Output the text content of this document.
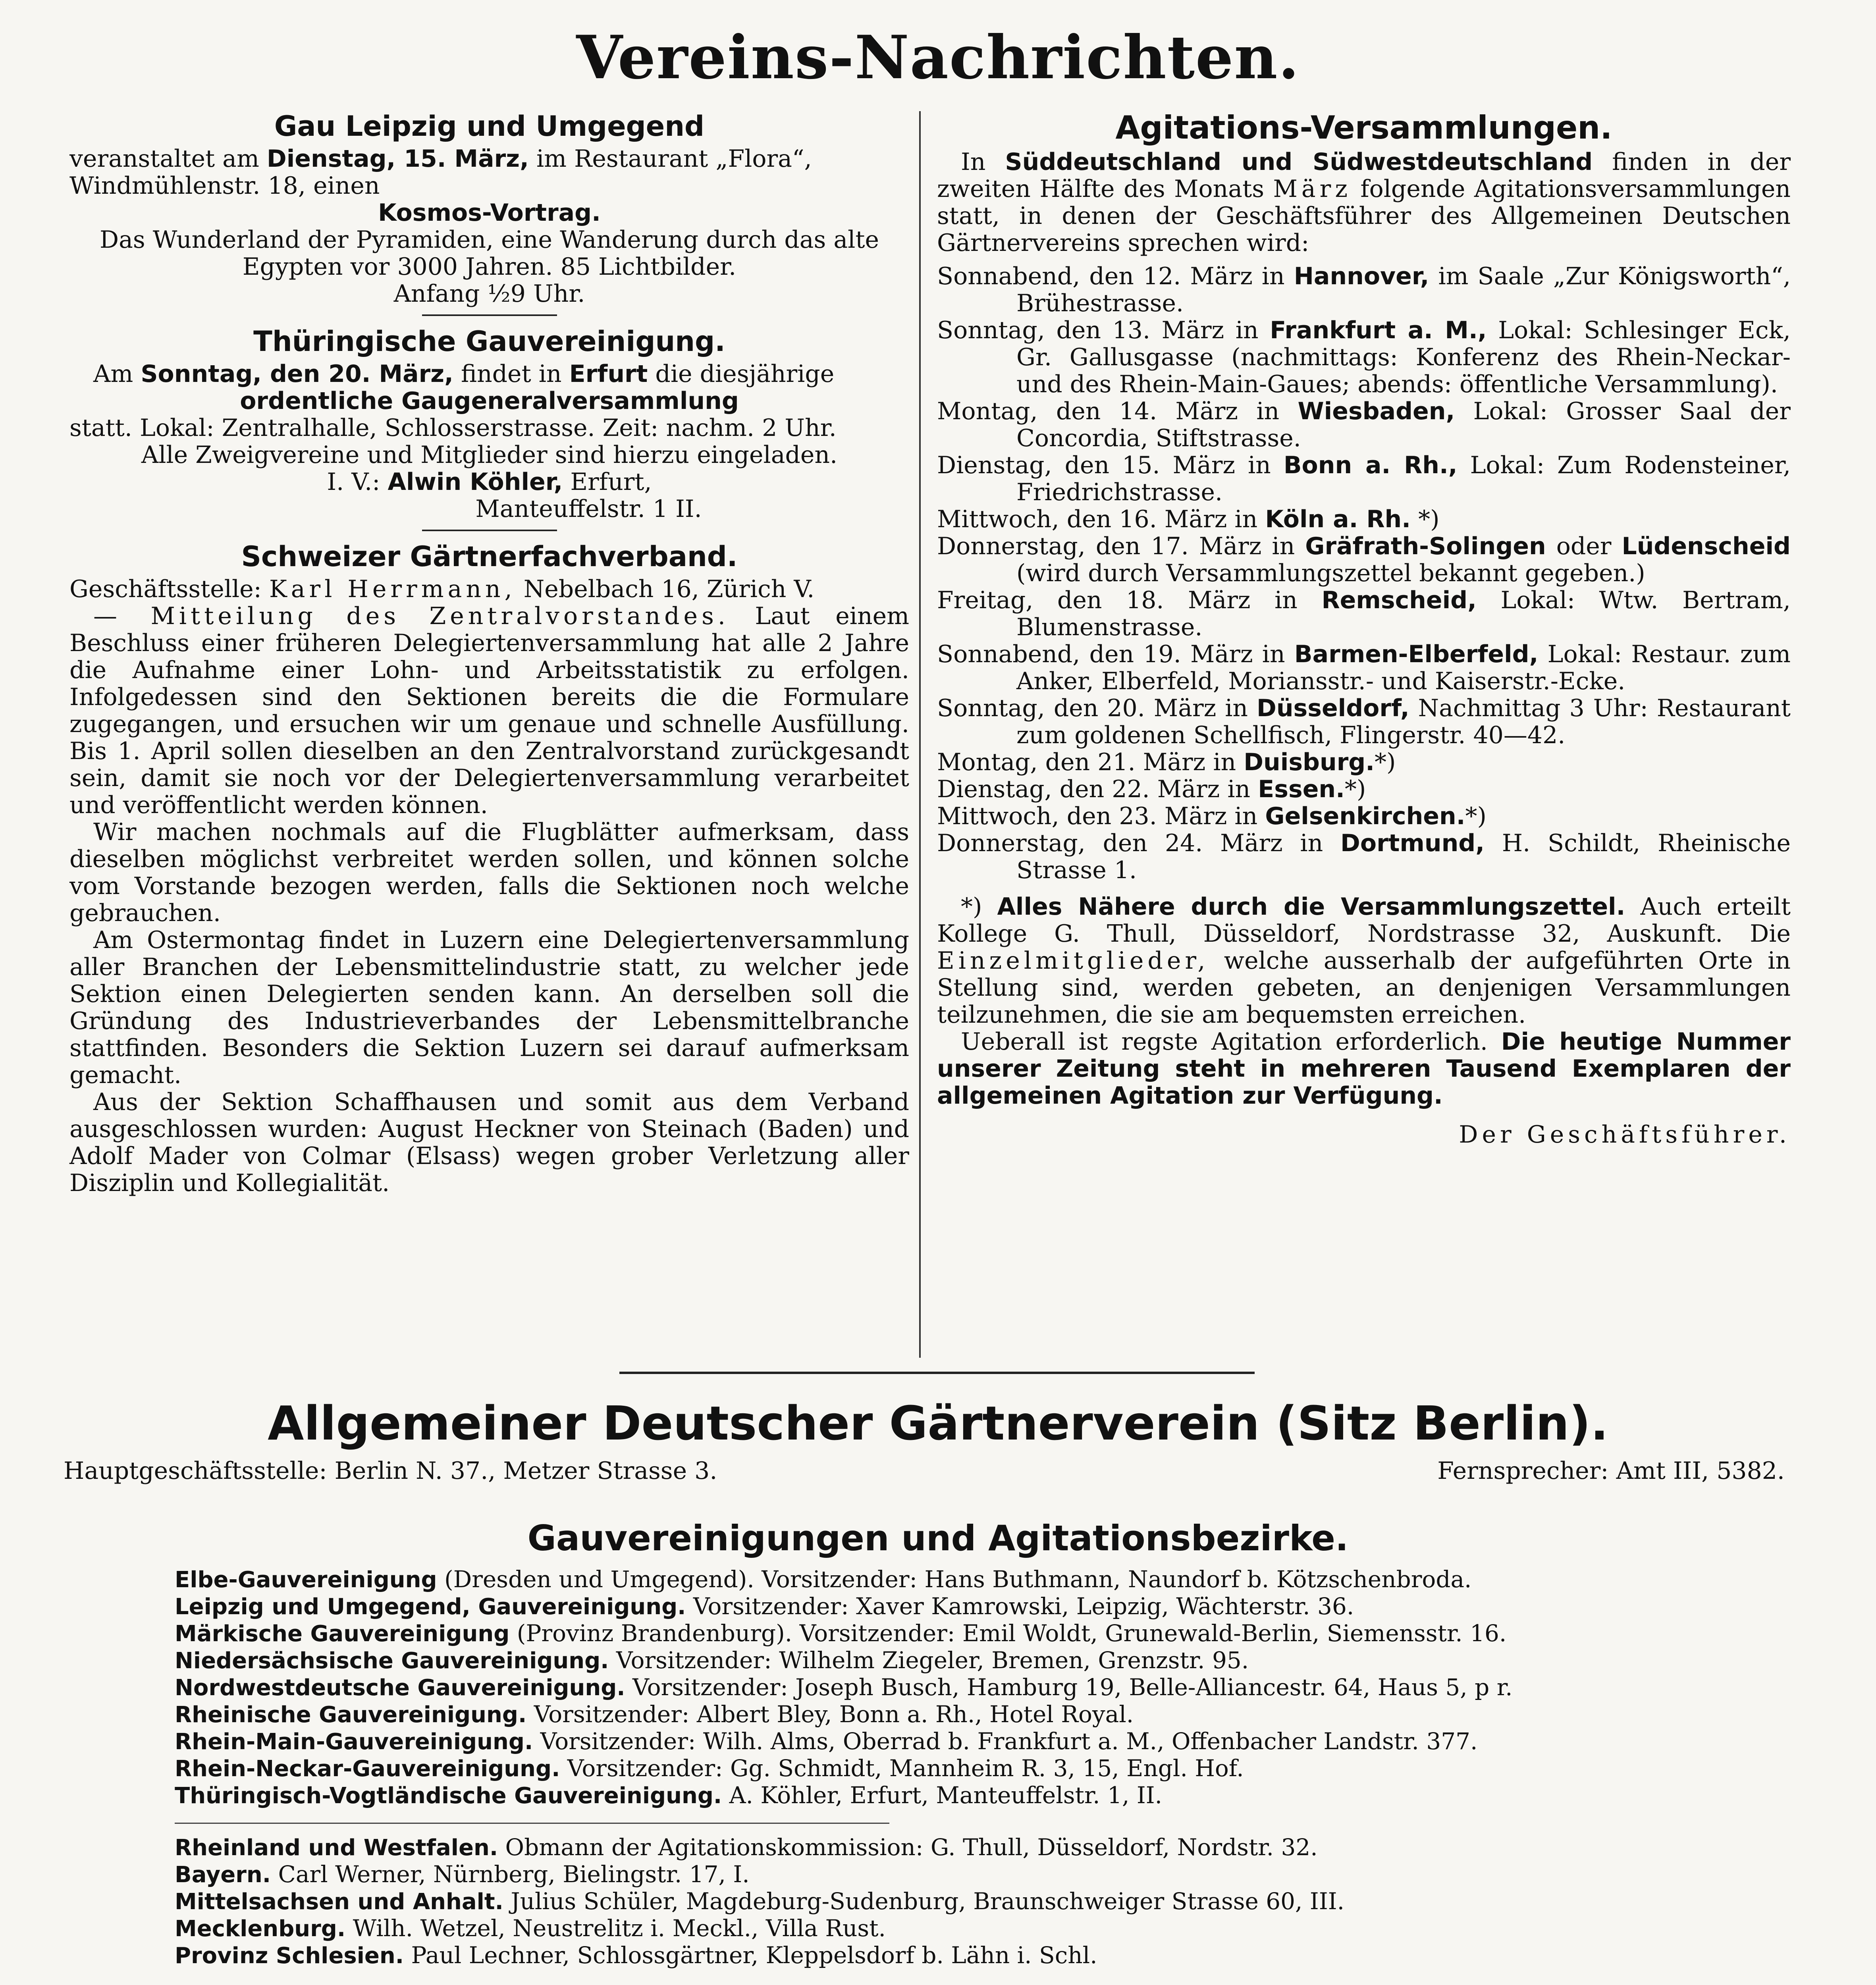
Vereins-Nachrichten.

Gau Leipzig und Umgegend

veranstaltet am Dienstag, 15. März, im Restaurant „Flora“,

Windmühlenstr. 18, einen

Kosmos-Vortrag.

Das Wunderland der Pyramiden, eine Wanderung durch das alte Egypten vor 3000 Jahren. 85 Lichtbilder.

Anfang ½9 Uhr.

Thüringische Gauvereinigung.

Am Sonntag, den 20. März, findet in Erfurt die diesjährige

ordentliche Gaugeneralversammlung

statt. Lokal: Zentralhalle, Schlosserstrasse. Zeit: nachm. 2 Uhr.

Alle Zweigvereine und Mitglieder sind hierzu eingeladen.

I. V.: Alwin Köhler, Erfurt,

Manteuffelstr. 1 II.

Schweizer Gärtnerfachverband.

Geschäftsstelle: Karl Herrmann, Nebelbach 16, Zürich V.

— Mitteilung des Zentralvorstandes. Laut einem Beschluss einer früheren Delegiertenversammlung hat alle 2 Jahre die Aufnahme einer Lohn- und Arbeitsstatistik zu erfolgen. Infolgedessen sind den Sektionen bereits die die Formulare zugegangen, und ersuchen wir um genaue und schnelle Ausfüllung. Bis 1. April sollen dieselben an den Zentralvorstand zurückgesandt sein, damit sie noch vor der Delegiertenversammlung verarbeitet und veröffentlicht werden können.

Wir machen nochmals auf die Flugblätter aufmerksam, dass dieselben möglichst verbreitet werden sollen, und können solche vom Vorstande bezogen werden, falls die Sektionen noch welche gebrauchen.

Am Ostermontag findet in Luzern eine Delegiertenversammlung aller Branchen der Lebensmittelindustrie statt, zu welcher jede Sektion einen Delegierten senden kann. An derselben soll die Gründung des Industrieverbandes der Lebensmittelbranche stattfinden. Besonders die Sektion Luzern sei darauf aufmerksam gemacht.

Aus der Sektion Schaffhausen und somit aus dem Verband ausgeschlossen wurden: August Heckner von Steinach (Baden) und Adolf Mader von Colmar (Elsass) wegen grober Verletzung aller Disziplin und Kollegialität.

Agitations-Versammlungen.

In Süddeutschland und Südwestdeutschland finden in der zweiten Hälfte des Monats März folgende Agitationsversammlungen statt, in denen der Geschäftsführer des Allgemeinen Deutschen Gärtnervereins sprechen wird:

Sonnabend, den 12. März in Hannover, im Saale „Zur Königsworth“, Brühestrasse.

Sonntag, den 13. März in Frankfurt a. M., Lokal: Schlesinger Eck, Gr. Gallusgasse (nachmittags: Konferenz des Rhein-Neckar- und des Rhein-Main-Gaues; abends: öffentliche Versammlung).

Montag, den 14. März in Wiesbaden, Lokal: Grosser Saal der Concordia, Stiftstrasse.

Dienstag, den 15. März in Bonn a. Rh., Lokal: Zum Rodensteiner, Friedrichstrasse.

Mittwoch, den 16. März in Köln a. Rh. *)

Donnerstag, den 17. März in Gräfrath-Solingen oder Lüdenscheid (wird durch Versammlungszettel bekannt gegeben.)

Freitag, den 18. März in Remscheid, Lokal: Wtw. Bertram, Blumenstrasse.

Sonnabend, den 19. März in Barmen-Elberfeld, Lokal: Restaur. zum Anker, Elberfeld, Moriansstr.- und Kaiserstr.-Ecke.

Sonntag, den 20. März in Düsseldorf, Nachmittag 3 Uhr: Restaurant zum goldenen Schellfisch, Flingerstr. 40—42.

Montag, den 21. März in Duisburg.*)

Dienstag, den 22. März in Essen.*)

Mittwoch, den 23. März in Gelsenkirchen.*)

Donnerstag, den 24. März in Dortmund, H. Schildt, Rheinische Strasse 1.

*) Alles Nähere durch die Versammlungszettel. Auch erteilt Kollege G. Thull, Düsseldorf, Nordstrasse 32, Auskunft. Die Einzelmitglieder, welche ausserhalb der aufgeführten Orte in Stellung sind, werden gebeten, an denjenigen Versammlungen teilzunehmen, die sie am bequemsten erreichen.

Ueberall ist regste Agitation erforderlich. Die heutige Nummer unserer Zeitung steht in mehreren Tausend Exemplaren der allgemeinen Agitation zur Verfügung.

Der Geschäftsführer.

Allgemeiner Deutscher Gärtnerverein (Sitz Berlin).
Hauptgeschäftsstelle: Berlin N. 37., Metzer Strasse 3.	Fernsprecher: Amt III, 5382.
Gauvereinigungen und Agitationsbezirke.

Elbe-Gauvereinigung (Dresden und Umgegend). Vorsitzender: Hans Buthmann, Naundorf b. Kötzschenbroda.

Leipzig und Umgegend, Gauvereinigung. Vorsitzender: Xaver Kamrowski, Leipzig, Wächterstr. 36.

Märkische Gauvereinigung (Provinz Brandenburg). Vorsitzender: Emil Woldt, Grunewald-Berlin, Siemensstr. 16.

Niedersächsische Gauvereinigung. Vorsitzender: Wilhelm Ziegeler, Bremen, Grenzstr. 95.

Nordwestdeutsche Gauvereinigung. Vorsitzender: Joseph Busch, Hamburg 19, Belle-Alliancestr. 64, Haus 5, p r.

Rheinische Gauvereinigung. Vorsitzender: Albert Bley, Bonn a. Rh., Hotel Royal.

Rhein-Main-Gauvereinigung. Vorsitzender: Wilh. Alms, Oberrad b. Frankfurt a. M., Offenbacher Landstr. 377.

Rhein-Neckar-Gauvereinigung. Vorsitzender: Gg. Schmidt, Mannheim R. 3, 15, Engl. Hof.

Thüringisch-Vogtländische Gauvereinigung. A. Köhler, Erfurt, Manteuffelstr. 1, II.

Rheinland und Westfalen. Obmann der Agitationskommission: G. Thull, Düsseldorf, Nordstr. 32.

Bayern. Carl Werner, Nürnberg, Bielingstr. 17, I.

Mittelsachsen und Anhalt. Julius Schüler, Magdeburg-Sudenburg, Braunschweiger Strasse 60, III.

Mecklenburg. Wilh. Wetzel, Neustrelitz i. Meckl., Villa Rust.

Provinz Schlesien. Paul Lechner, Schlossgärtner, Kleppelsdorf b. Lähn i. Schl.
